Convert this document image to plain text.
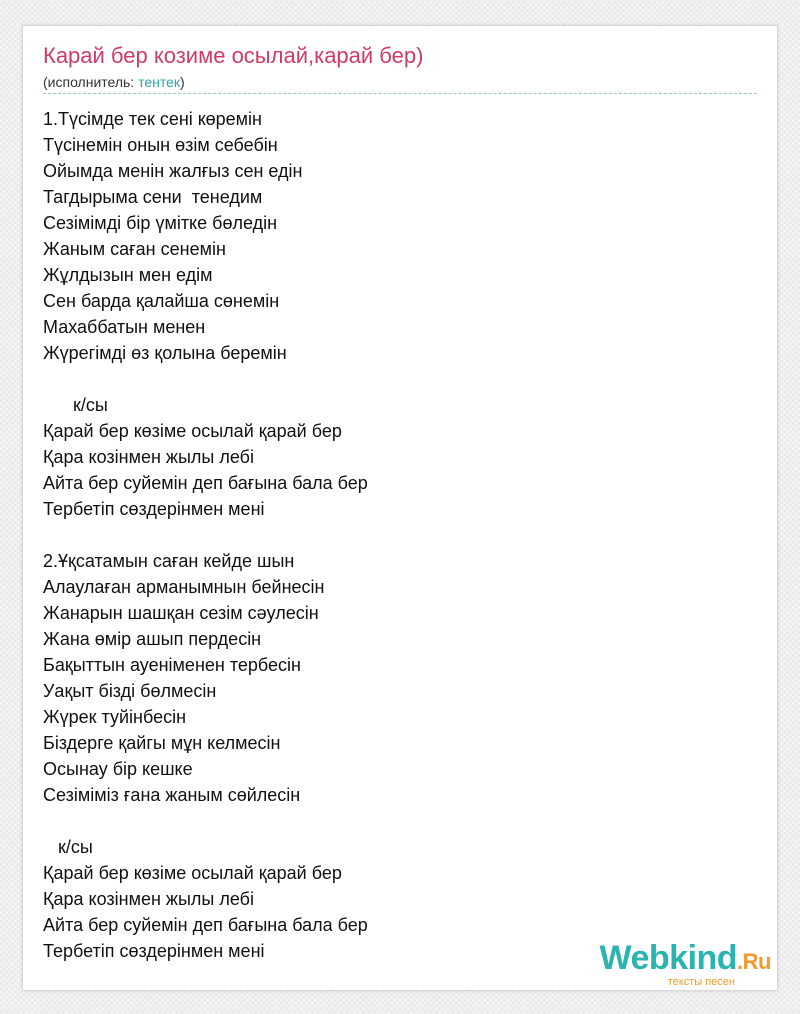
Карай бер козиме осылай,карай бер)
(исполнитель: тентек)
1.Түсімде тек сені көремін
Түсінемін онын өзім себебін
Ойымда менін жалғыз сен едін
Тагдырыма сени  тенедим
Сезімімді бір үмітке бөледін
Жаным саған сенемін
Жұлдызын мен едім
Сен барда қалайша сөнемін
Махаббатын менен
Жүрегімді өз қолына беремін
к/сы
Қарай бер көзіме осылай қарай бер
Қара козінмен жылы лебі
Айта бер суйемін деп бағына бала бер
Тербетіп сөздерінмен мені
2.Ұқсатамын саған кейде шын
Алаулаған арманымнын бейнесін
Жанарын шашқан сезім сәулесін
Жана өмір ашып пердесін
Бақыттын ауеніменен тербесін
Уақыт бізді бөлмесін
Жүрек туйінбесін
Біздерге қайгы мұн келмесін
Осынау бір кешке
Сезіміміз ғана жаным сөйлесін
к/сы
Қарай бер көзіме осылай қарай бер
Қара козінмен жылы лебі
Айта бер суйемін деп бағына бала бер
Тербетіп сөздерінмен мені	Webkind.Ru
тексты песен
